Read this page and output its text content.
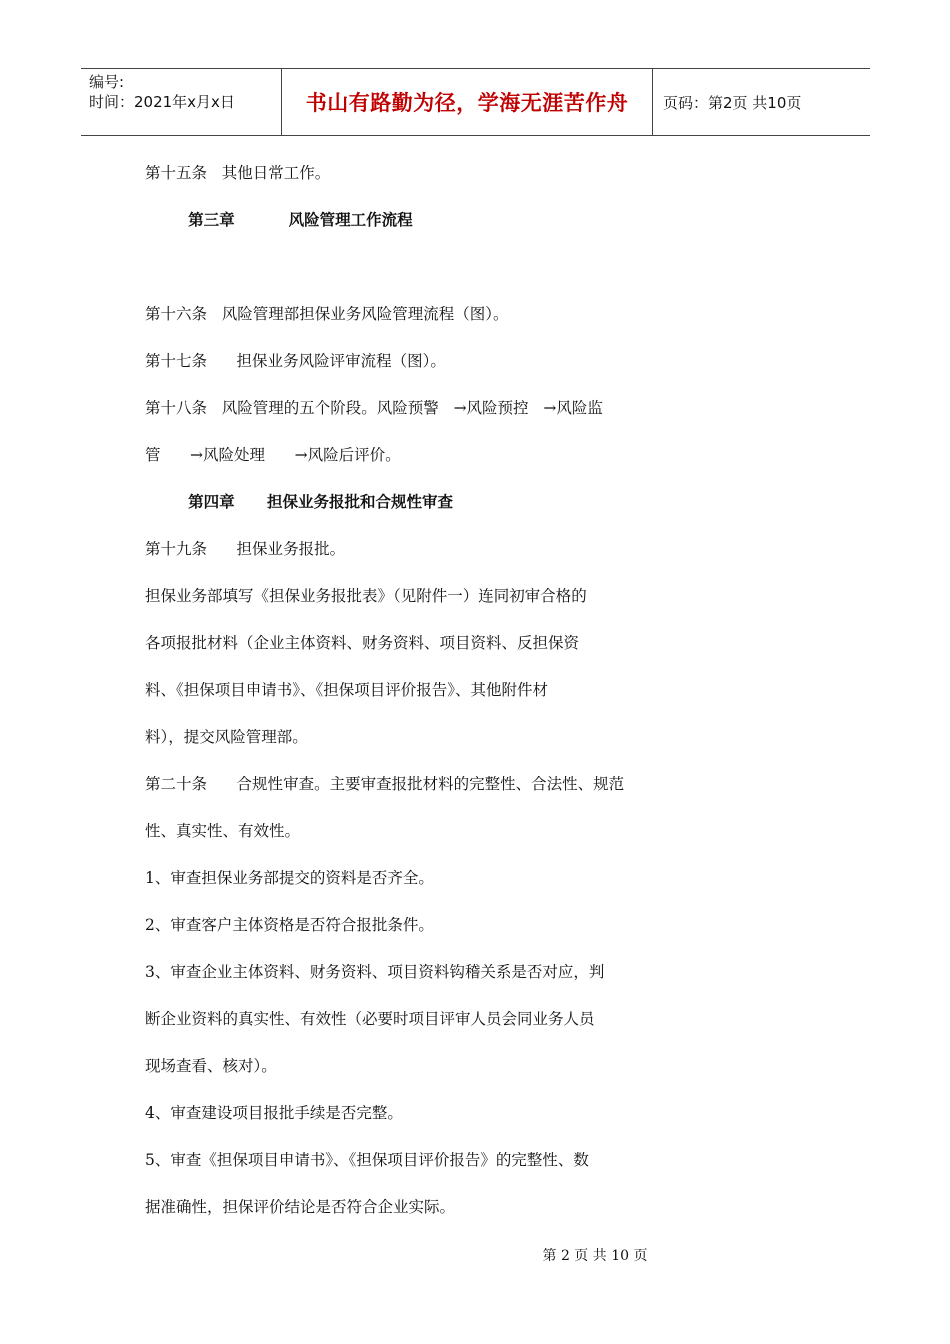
编号:
时间：2021年x月x日	书山有路勤为径，学海无涯苦作舟 页码：第2页 共10页
第十五条   其他日常工作。
第三章          风险管理工作流程
第十六条   风险管理部担保业务风险管理流程（图）。
第十七条      担保业务风险评审流程（图）。
第十八条   风险管理的五个阶段。风险预警   →风险预控   →风险监
管      →风险处理      →风险后评价。
第四章      担保业务报批和合规性审查
第十九条      担保业务报批。
担保业务部填写《担保业务报批表》（见附件一）连同初审合格的
各项报批材料（企业主体资料、财务资料、项目资料、反担保资
料、《担保项目申请书》、《担保项目评价报告》、其他附件材
料），提交风险管理部。
第二十条      合规性审查。主要审查报批材料的完整性、合法性、规范
性、真实性、有效性。
1、审查担保业务部提交的资料是否齐全。
2、审查客户主体资格是否符合报批条件。
3、审查企业主体资料、财务资料、项目资料钩稽关系是否对应，判
断企业资料的真实性、有效性（必要时项目评审人员会同业务人员
现场查看、核对）。
4、审查建设项目报批手续是否完整。
5、审查《担保项目申请书》、《担保项目评价报告》的完整性、数
据准确性，担保评价结论是否符合企业实际。
第 2 页 共 10 页
